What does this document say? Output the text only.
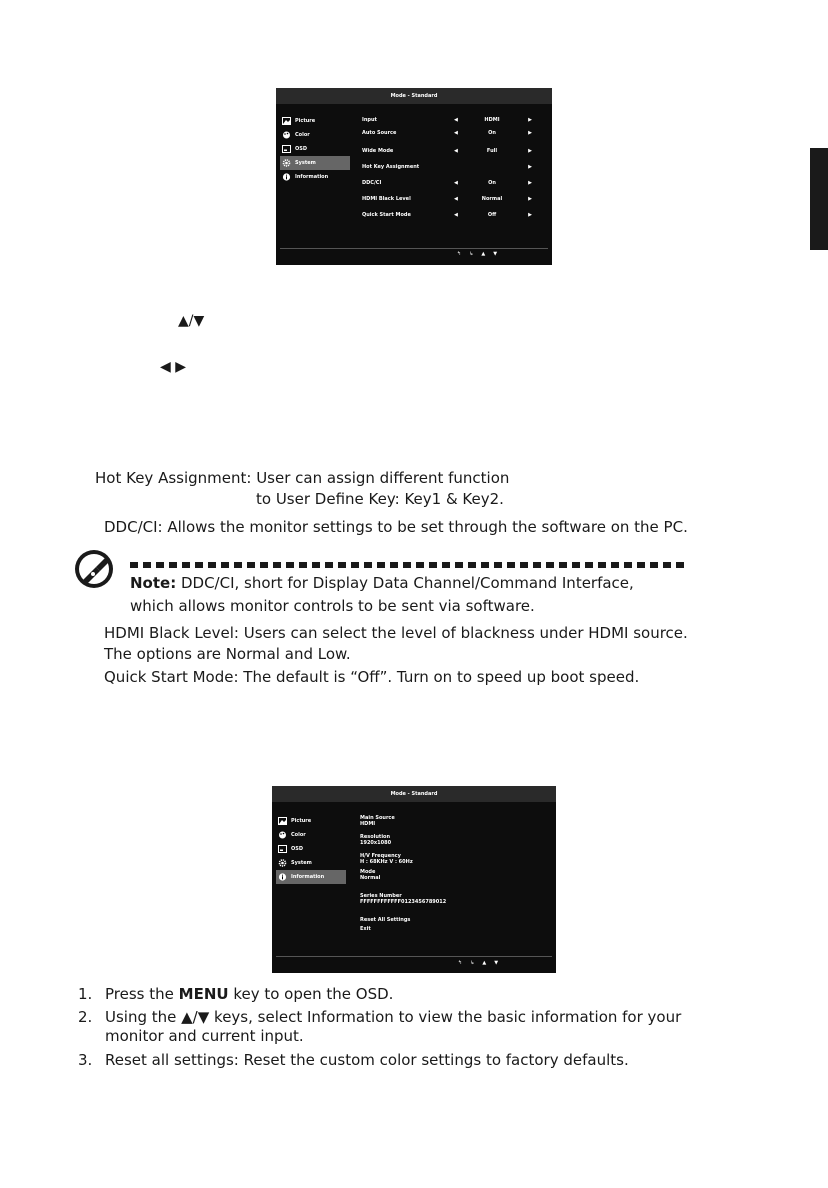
Mode - Standard
Picture
Color
OSD
System
Information
Input	◀	HDMI	▶
Auto Source	◀	On	▶
Wide Mode	◀	Full	▶
Hot Key Assignment	▶
DDC/CI	◀	On	▶
HDMI Black Level	◀	Normal	▶
Quick Start Mode	◀	Off	▶
↰ ↳ ▲ ▼
▲/▼
◀ ▶
Hot Key Assignment: User can assign different function
to User Define Key: Key1 & Key2.
DDC/CI: Allows the monitor settings to be set through the software on the PC.
Note: DDC/CI, short for Display Data Channel/Command Interface,
which allows monitor controls to be sent via software.
HDMI Black Level: Users can select the level of blackness under HDMI source.
The options are Normal and Low.
Quick Start Mode: The default is “Off”. Turn on to speed up boot speed.
Mode - Standard
Picture
Color
OSD
System
Information
Main Source
HDMI
Resolution
1920x1080
H/V Frequency
H : 68KHz V : 60Hz
Mode
Normal
Series Number
FFFFFFFFFFFF0123456789012
Reset All Settings
Exit
↰ ↳ ▲ ▼
1. Press the MENU key to open the OSD.
2. Using the ▲/▼ keys, select Information to view the basic information for your
monitor and current input.
3. Reset all settings: Reset the custom color settings to factory defaults.
